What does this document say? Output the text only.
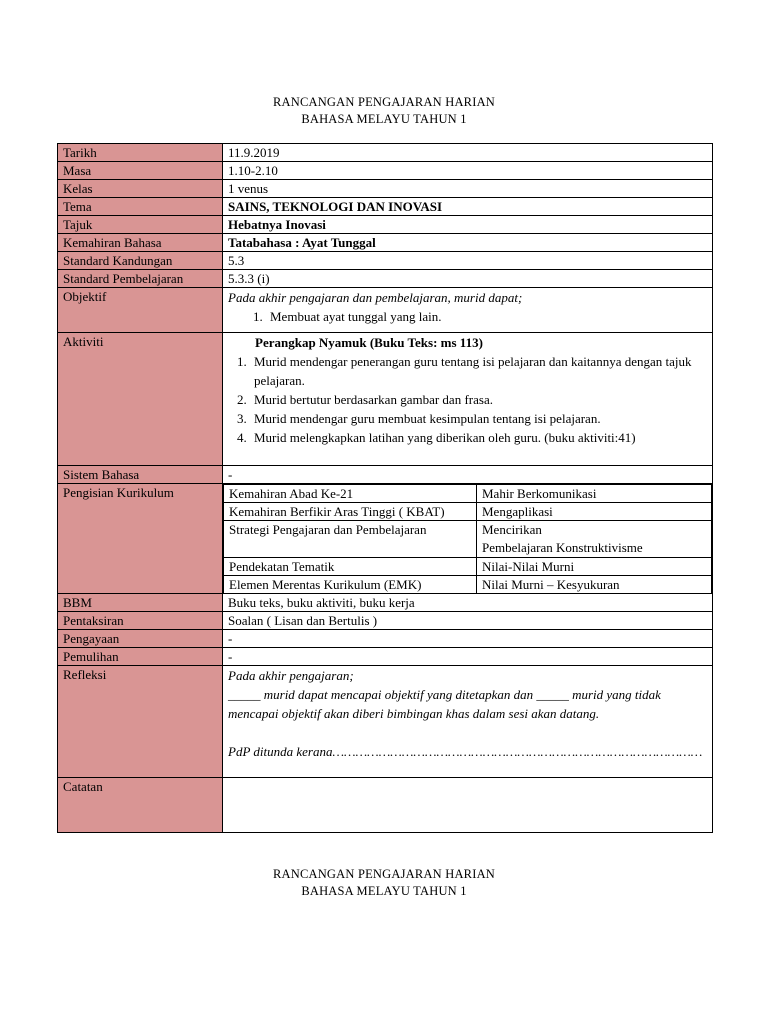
RANCANGAN PENGAJARAN HARIAN
BAHASA MELAYU TAHUN 1
Tarikh	11.9.2019
Masa	1.10-2.10
Kelas	1 venus
Tema	SAINS, TEKNOLOGI DAN INOVASI
Tajuk	Hebatnya Inovasi
Kemahiran Bahasa	Tatabahasa : Ayat Tunggal
Standard Kandungan	5.3
Standard Pembelajaran	5.3.3 (i)
Objektif	Pada akhir pengajaran dan pembelajaran, murid dapat;
1. Membuat ayat tunggal yang lain.

Aktiviti	Perangkap Nyamuk (Buku Teks: ms 113)
1. Murid mendengar penerangan guru tentang isi pelajaran dan kaitannya dengan tajuk pelajaran.
2. Murid bertutur berdasarkan gambar dan frasa.
3. Murid mendengar guru membuat kesimpulan tentang isi pelajaran.
4. Murid melengkapkan latihan yang diberikan oleh guru. (buku aktiviti:41)

Sistem Bahasa	-
Pengisian Kurikulum		Kemahiran Abad Ke-21	Mahir Berkomunikasi
Kemahiran Berfikir Aras Tinggi ( KBAT)	Mengaplikasi
Strategi Pengajaran dan Pembelajaran	Mencirikan
Pembelajaran Konstruktivisme

Pendekatan Tematik	Nilai-Nilai Murni
Elemen Merentas Kurikulum (EMK)	Nilai Murni – Kesyukuran

BBM	Buku teks, buku aktiviti, buku kerja
Pentaksiran	Soalan ( Lisan dan Bertulis )
Pengayaan	-
Pemulihan	-
Refleksi	Pada akhir pengajaran;
_____ murid dapat mencapai objektif yang ditetapkan dan _____ murid yang tidak mencapai objektif akan diberi bimbingan khas dalam sesi akan datang.
PdP ditunda kerana……………………………………………………………………………………

Catatan	
RANCANGAN PENGAJARAN HARIAN
BAHASA MELAYU TAHUN 1
